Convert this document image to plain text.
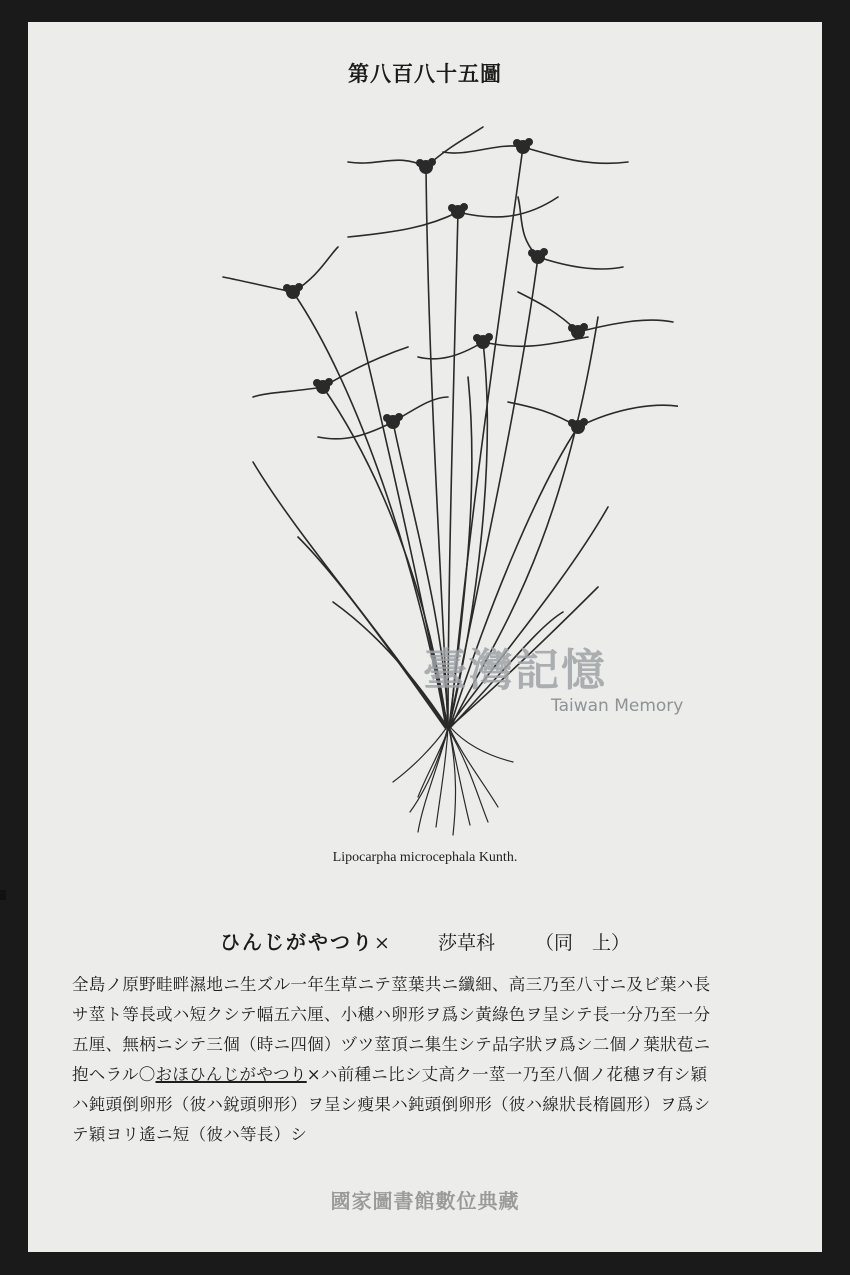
第八百八十五圖
臺灣記憶
Taiwan Memory
Lipocarpha microcephala Kunth.
ひんじがやつり×	莎草科 （同　上）
全島ノ原野畦畔濕地ニ生ズル一年生草ニテ莖葉共ニ纖細、高三乃至八寸ニ及ビ葉ハ長
サ莖ト等長或ハ短クシテ幅五六厘、小穗ハ卵形ヲ爲シ黃綠色ヲ呈シテ長一分乃至一分
五厘、無柄ニシテ三個（時ニ四個）ヅツ莖頂ニ集生シテ品字狀ヲ爲シ二個ノ葉狀苞ニ
抱ヘラル〇おほひんじがやつり×ハ前種ニ比シ丈高ク一莖一乃至八個ノ花穗ヲ有シ穎
ハ鈍頭倒卵形（彼ハ銳頭卵形）ヲ呈シ瘦果ハ鈍頭倒卵形（彼ハ線狀長楕圓形）ヲ爲シ
テ穎ヨリ遙ニ短（彼ハ等長）シ
國家圖書館數位典藏
